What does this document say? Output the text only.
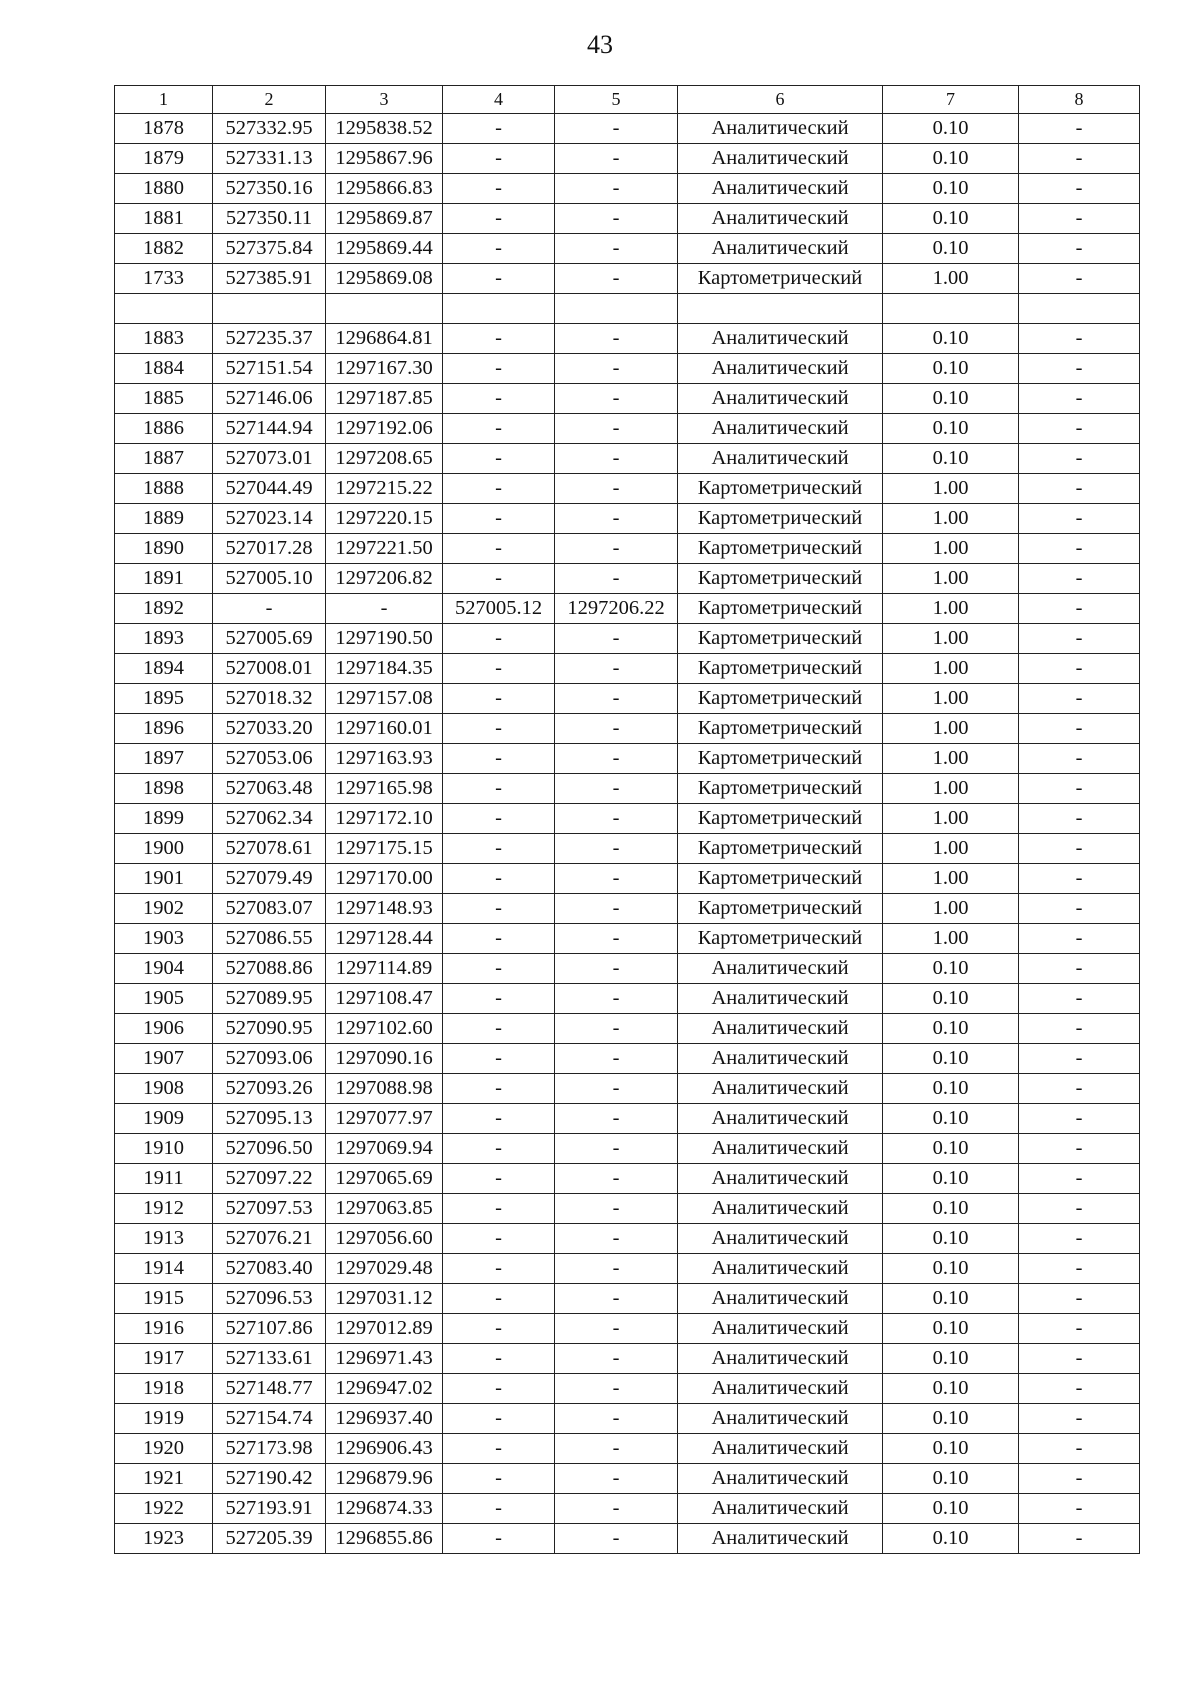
43
1	2	3	4	5	6	7	8
1878	527332.95	1295838.52	-	-	Аналитический	0.10	-
1879	527331.13	1295867.96	-	-	Аналитический	0.10	-
1880	527350.16	1295866.83	-	-	Аналитический	0.10	-
1881	527350.11	1295869.87	-	-	Аналитический	0.10	-
1882	527375.84	1295869.44	-	-	Аналитический	0.10	-
1733	527385.91	1295869.08	-	-	Картометрический	1.00	-

1883	527235.37	1296864.81	-	-	Аналитический	0.10	-
1884	527151.54	1297167.30	-	-	Аналитический	0.10	-
1885	527146.06	1297187.85	-	-	Аналитический	0.10	-
1886	527144.94	1297192.06	-	-	Аналитический	0.10	-
1887	527073.01	1297208.65	-	-	Аналитический	0.10	-
1888	527044.49	1297215.22	-	-	Картометрический	1.00	-
1889	527023.14	1297220.15	-	-	Картометрический	1.00	-
1890	527017.28	1297221.50	-	-	Картометрический	1.00	-
1891	527005.10	1297206.82	-	-	Картометрический	1.00	-
1892	-	-	527005.12	1297206.22	Картометрический	1.00	-
1893	527005.69	1297190.50	-	-	Картометрический	1.00	-
1894	527008.01	1297184.35	-	-	Картометрический	1.00	-
1895	527018.32	1297157.08	-	-	Картометрический	1.00	-
1896	527033.20	1297160.01	-	-	Картометрический	1.00	-
1897	527053.06	1297163.93	-	-	Картометрический	1.00	-
1898	527063.48	1297165.98	-	-	Картометрический	1.00	-
1899	527062.34	1297172.10	-	-	Картометрический	1.00	-
1900	527078.61	1297175.15	-	-	Картометрический	1.00	-
1901	527079.49	1297170.00	-	-	Картометрический	1.00	-
1902	527083.07	1297148.93	-	-	Картометрический	1.00	-
1903	527086.55	1297128.44	-	-	Картометрический	1.00	-
1904	527088.86	1297114.89	-	-	Аналитический	0.10	-
1905	527089.95	1297108.47	-	-	Аналитический	0.10	-
1906	527090.95	1297102.60	-	-	Аналитический	0.10	-
1907	527093.06	1297090.16	-	-	Аналитический	0.10	-
1908	527093.26	1297088.98	-	-	Аналитический	0.10	-
1909	527095.13	1297077.97	-	-	Аналитический	0.10	-
1910	527096.50	1297069.94	-	-	Аналитический	0.10	-
1911	527097.22	1297065.69	-	-	Аналитический	0.10	-
1912	527097.53	1297063.85	-	-	Аналитический	0.10	-
1913	527076.21	1297056.60	-	-	Аналитический	0.10	-
1914	527083.40	1297029.48	-	-	Аналитический	0.10	-
1915	527096.53	1297031.12	-	-	Аналитический	0.10	-
1916	527107.86	1297012.89	-	-	Аналитический	0.10	-
1917	527133.61	1296971.43	-	-	Аналитический	0.10	-
1918	527148.77	1296947.02	-	-	Аналитический	0.10	-
1919	527154.74	1296937.40	-	-	Аналитический	0.10	-
1920	527173.98	1296906.43	-	-	Аналитический	0.10	-
1921	527190.42	1296879.96	-	-	Аналитический	0.10	-
1922	527193.91	1296874.33	-	-	Аналитический	0.10	-
1923	527205.39	1296855.86	-	-	Аналитический	0.10	-
